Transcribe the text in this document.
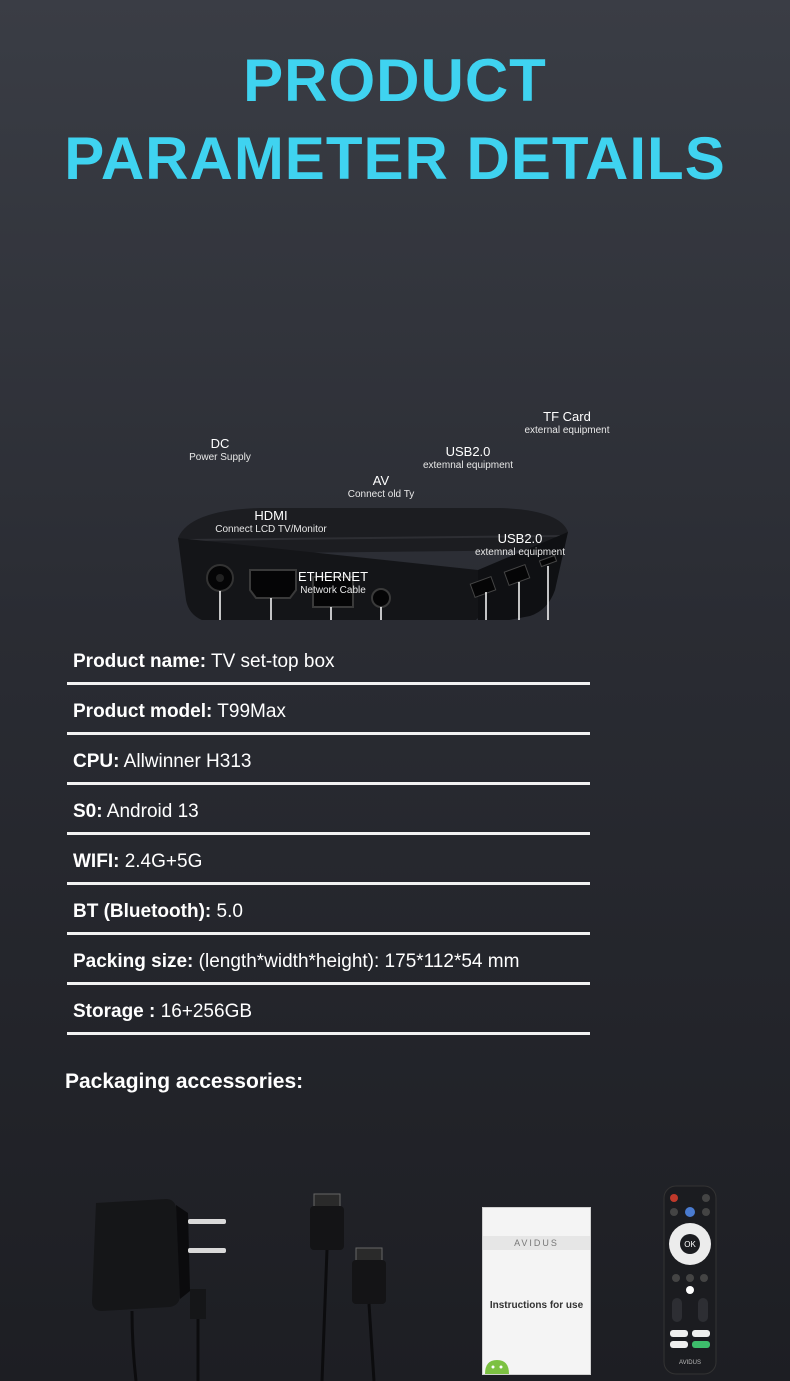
PRODUCT
PARAMETER DETAILS
DC
Power Supply
HDMI
Connect LCD TV/Monitor
ETHERNET
Network Cable
AV
Connect old Ty
USB2.0
extemnal equipment
TF Card
external equipment
USB2.0
extemnal equipment
Product name: TV set-top box
Product model: T99Max
CPU: Allwinner H313
S0: Android 13
WIFI: 2.4G+5G
BT (Bluetooth): 5.0
Packing size: (length*width*height): 175*112*54 mm
Storage : 16+256GB
Packaging accessories:
AVIDUS
Instructions for use
OK
AVIDUS
